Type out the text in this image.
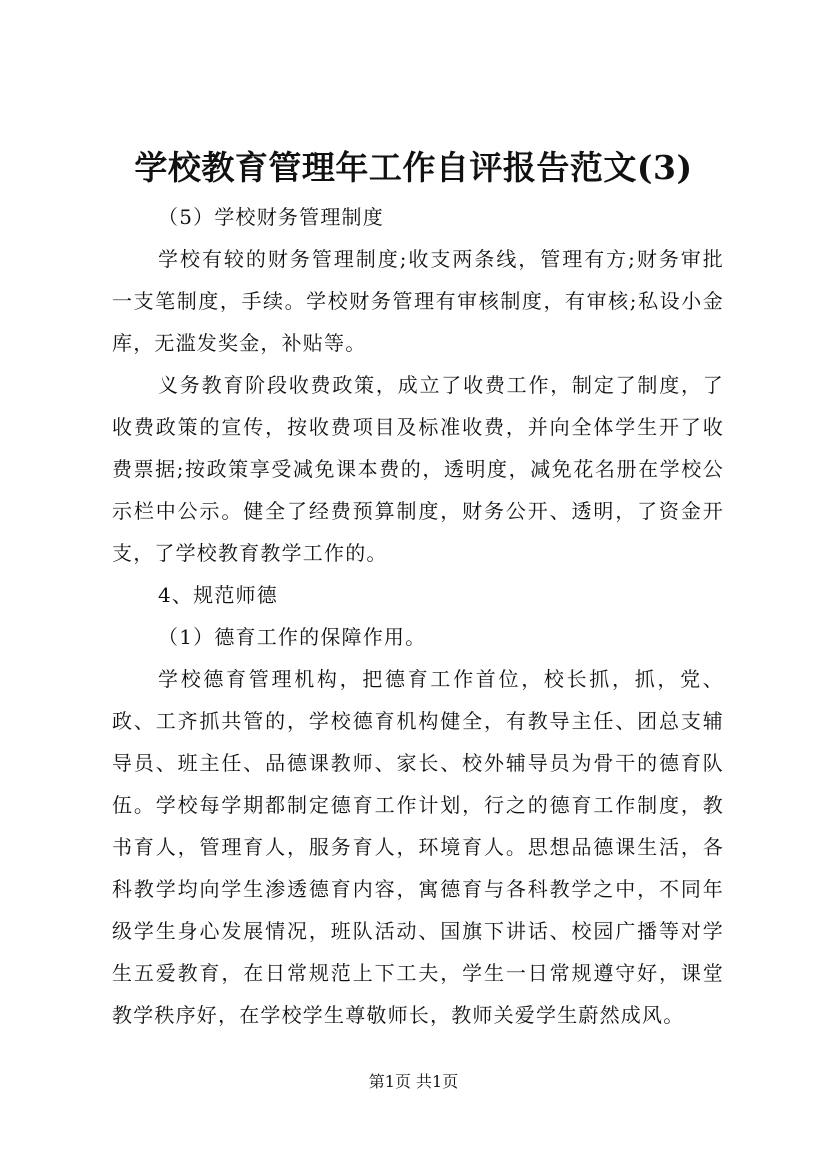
学校教育管理年工作自评报告范文(3)

（5）学校财务管理制度

学校有较的财务管理制度;收支两条线，管理有方;财务审批一支笔制度，手续。学校财务管理有审核制度，有审核;私设小金库，无滥发奖金，补贴等。

义务教育阶段收费政策，成立了收费工作，制定了制度，了收费政策的宣传，按收费项目及标准收费，并向全体学生开了收费票据;按政策享受减免课本费的，透明度，减免花名册在学校公示栏中公示。健全了经费预算制度，财务公开、透明，了资金开支，了学校教育教学工作的。

4、规范师德

（1）德育工作的保障作用。

学校德育管理机构，把德育工作首位，校长抓，抓，党、政、工齐抓共管的，学校德育机构健全，有教导主任、团总支辅导员、班主任、品德课教师、家长、校外辅导员为骨干的德育队伍。学校每学期都制定德育工作计划，行之的德育工作制度，教书育人，管理育人，服务育人，环境育人。思想品德课生活，各科教学均向学生渗透德育内容，寓德育与各科教学之中，不同年级学生身心发展情况，班队活动、国旗下讲话、校园广播等对学生五爱教育，在日常规范上下工夫，学生一日常规遵守好，课堂教学秩序好，在学校学生尊敬师长，教师关爱学生蔚然成风。

第1页 共1页
